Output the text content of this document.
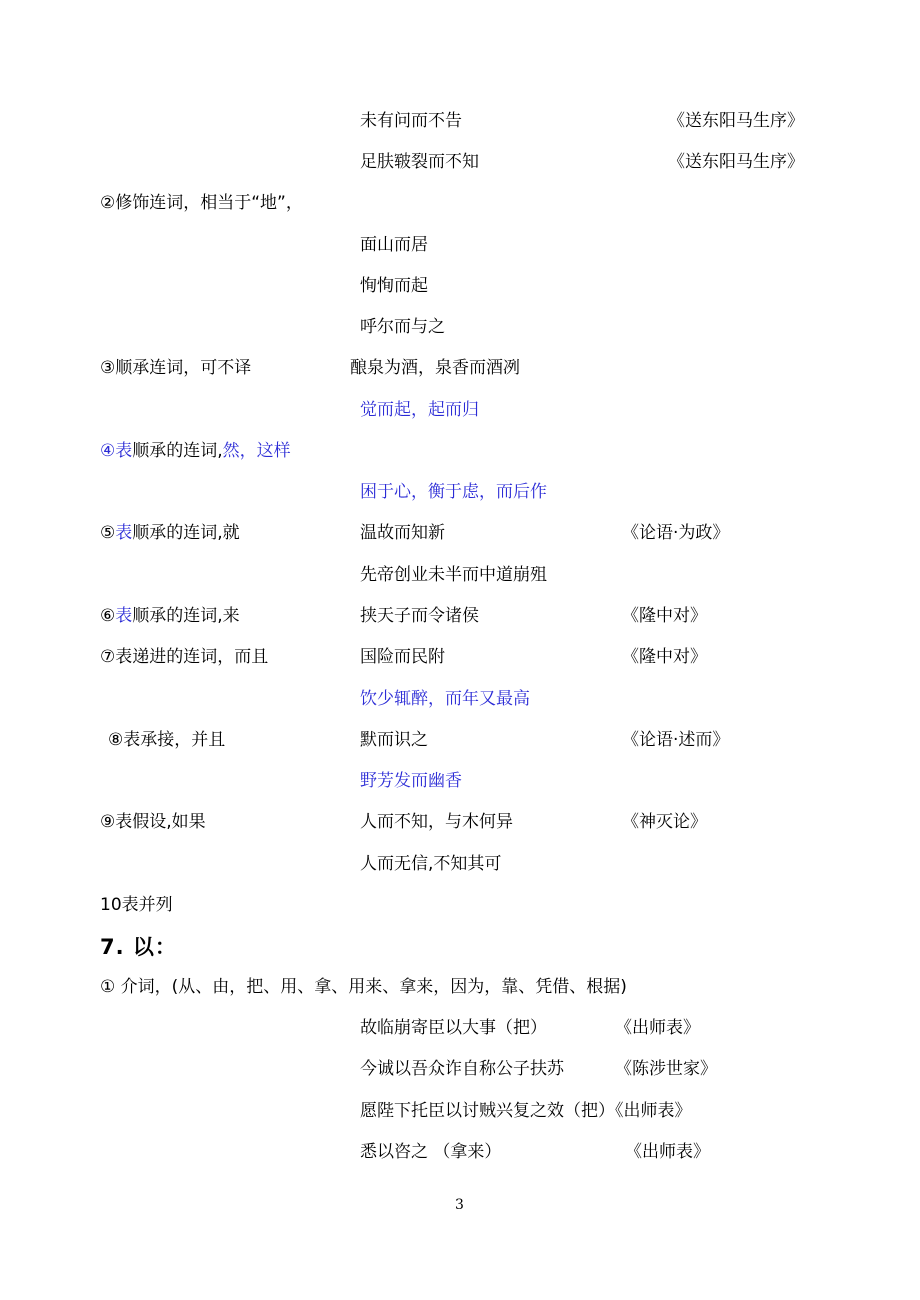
未有问而不告	《送东阳马生序》
足肤皲裂而不知	《送东阳马生序》
②修饰连词，相当于“地”，
面山而居
恂恂而起
呼尔而与之
③顺承连词，可不译	酿泉为酒，泉香而酒冽
觉而起，起而归
④表顺承的连词,然，这样
困于心，衡于虑，而后作
⑤表顺承的连词,就	温故而知新	《论语·为政》
先帝创业未半而中道崩殂
⑥表顺承的连词,来	挟天子而令诸侯	《隆中对》
⑦表递进的连词，而且	国险而民附	《隆中对》
饮少辄醉，而年又最高
⑧表承接，并且	默而识之	《论语·述而》
野芳发而幽香
⑨表假设,如果	人而不知，与木何异	《神灭论》
人而无信,不知其可
10表并列
7. 以：
① 介词，(从、由，把、用、拿、用来、拿来，因为，靠、凭借、根据)
故临崩寄臣以大事（把）	《出师表》
今诚以吾众诈自称公子扶苏	《陈涉世家》
愿陛下托臣以讨贼兴复之效（把）《出师表》
悉以咨之 （拿来）	《出师表》
3
